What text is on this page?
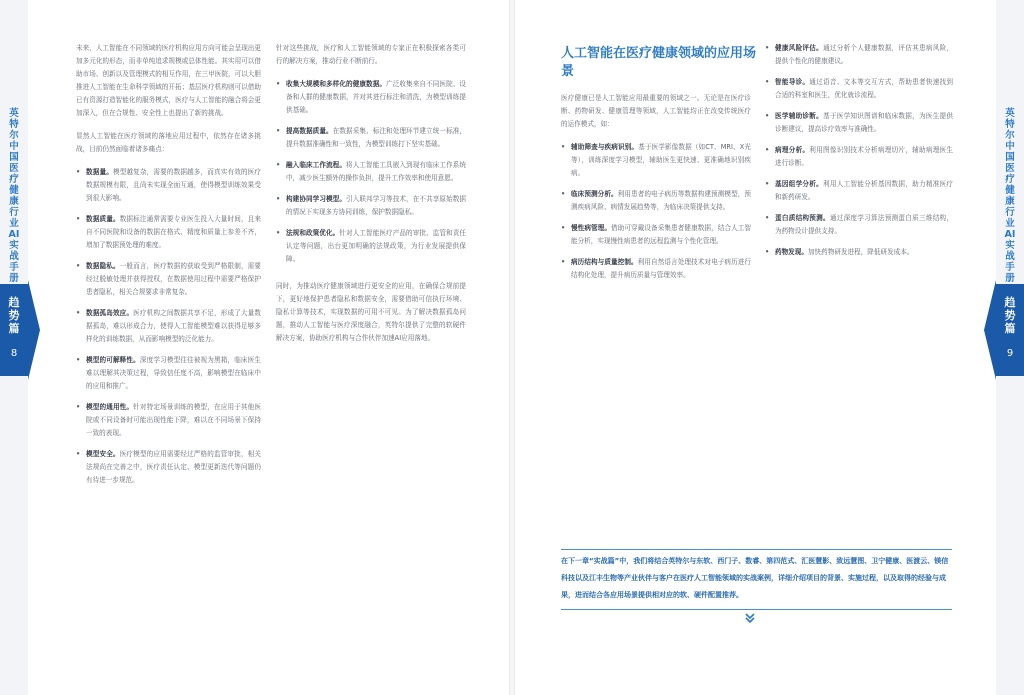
英特尔中国医疗健康行业AI实战手册
趋势篇
8
英特尔中国医疗健康行业AI实战手册
趋势篇
9

未来，人工智能在不同领域的医疗机构应用方向可能会呈现出更加多元化的形态，而非单纯追求规模或总体性能。其实用可以借助市场、创新以及管理模式的相互作用，在三甲医院，可以大胆推进人工智能在生命科学领域的开拓；基层医疗机构则可以借助已有资源打造智能化的服务模式，医疗与人工智能的融合将会更加深入，但在合规性、安全性上也提出了新的挑战。

显然人工智能在医疗领域的落地应用过程中，依然存在诸多挑战，目前仍然面临着诸多痛点：

• 数据量。模型越复杂，需要的数据越多，而真实有效的医疗数据规模有限，且尚未实现全面互通，使得模型训练效果受到很大影响。
• 数据质量。数据标注通常需要专业医生投入大量时间，且来自不同医院和设备的数据在格式、精度和质量上参差不齐，增加了数据预处理的难度。
• 数据隐私。一般而言，医疗数据的获取受到严格限制，需要经过脱敏处理并获得授权，在数据使用过程中需要严格保护患者隐私，相关合规要求非常复杂。
• 数据孤岛效应。医疗机构之间数据共享不足，形成了大量数据孤岛，难以形成合力，使得人工智能模型难以获得足够多样化的训练数据，从而影响模型的泛化能力。
• 模型的可解释性。深度学习模型往往被视为黑箱，临床医生难以理解其决策过程，导致信任度不高，影响模型在临床中的应用和推广。
• 模型的通用性。针对特定场景训练的模型，在应用于其他医院或不同设备时可能出现性能下降，难以在不同场景下保持一致的表现。
• 模型安全。医疗模型的应用需要经过严格的监管审批，相关法规尚在完善之中，医疗责任认定、模型更新迭代等问题仍有待进一步规范。

针对这些挑战，医疗和人工智能领域的专家正在积极探索各类可行的解决方案，推动行业不断前行。

• 收集大规模和多样化的健康数据。广泛收集来自不同医院、设备和人群的健康数据，并对其进行标注和清洗，为模型训练提供基础。
• 提高数据质量。在数据采集、标注和处理环节建立统一标准，提升数据准确性和一致性，为模型训练打下坚实基础。
• 融入临床工作流程。将人工智能工具嵌入到现有临床工作系统中，减少医生额外的操作负担，提升工作效率和使用意愿。
• 构建协同学习模型。引入联邦学习等技术，在不共享原始数据的情况下实现多方协同训练，保护数据隐私。
• 法规和政策优化。针对人工智能医疗产品的审批、监管和责任认定等问题，出台更加明确的法规政策，为行业发展提供保障。

同时，为推动医疗健康领域进行更安全的应用，在确保合规前提下，更好地保护患者隐私和数据安全，需要借助可信执行环境、隐私计算等技术，实现数据的可用不可见。为了解决数据孤岛问题，推动人工智能与医疗深度融合，英特尔提供了完整的软硬件解决方案，协助医疗机构与合作伙伴加速AI应用落地。

人工智能在医疗健康领域的应用场景

医疗健康已是人工智能应用最重要的领域之一。无论是在医疗诊断、药物研发、健康管理等领域，人工智能均正在改变传统医疗的运作模式，如：

• 辅助筛查与疾病识别。基于医学影像数据（如CT、MRI、X光等），训练深度学习模型，辅助医生更快速、更准确地识别疾病。
• 临床预测分析。利用患者的电子病历等数据构建预测模型，预测疾病风险、病情发展趋势等，为临床决策提供支持。
• 慢性病管理。借助可穿戴设备采集患者健康数据，结合人工智能分析，实现慢性病患者的远程监测与个性化管理。
• 病历结构与质量控制。利用自然语言处理技术对电子病历进行结构化处理，提升病历质量与管理效率。
• 健康风险评估。通过分析个人健康数据，评估其患病风险，提供个性化的健康建议。
• 智能导诊。通过语音、文本等交互方式，帮助患者快速找到合适的科室和医生，优化就诊流程。
• 医学辅助诊断。基于医学知识图谱和临床数据，为医生提供诊断建议，提高诊疗效率与准确性。
• 病理分析。利用图像识别技术分析病理切片，辅助病理医生进行诊断。
• 基因组学分析。利用人工智能分析基因数据，助力精准医疗和新药研发。
• 蛋白质结构预测。通过深度学习算法预测蛋白质三维结构，为药物设计提供支持。
• 药物发现。加快药物研发进程，降低研发成本。
在下一章“实战篇”中，我们将结合英特尔与东软、西门子、数睿、第四范式、汇医慧影、致远慧图、卫宁健康、医渡云、镁信科技以及江丰生物等产业伙伴与客户在医疗人工智能领域的实战案例，详细介绍项目的背景、实施过程，以及取得的经验与成果，进而结合各应用场景提供相对应的软、硬件配置推荐。
